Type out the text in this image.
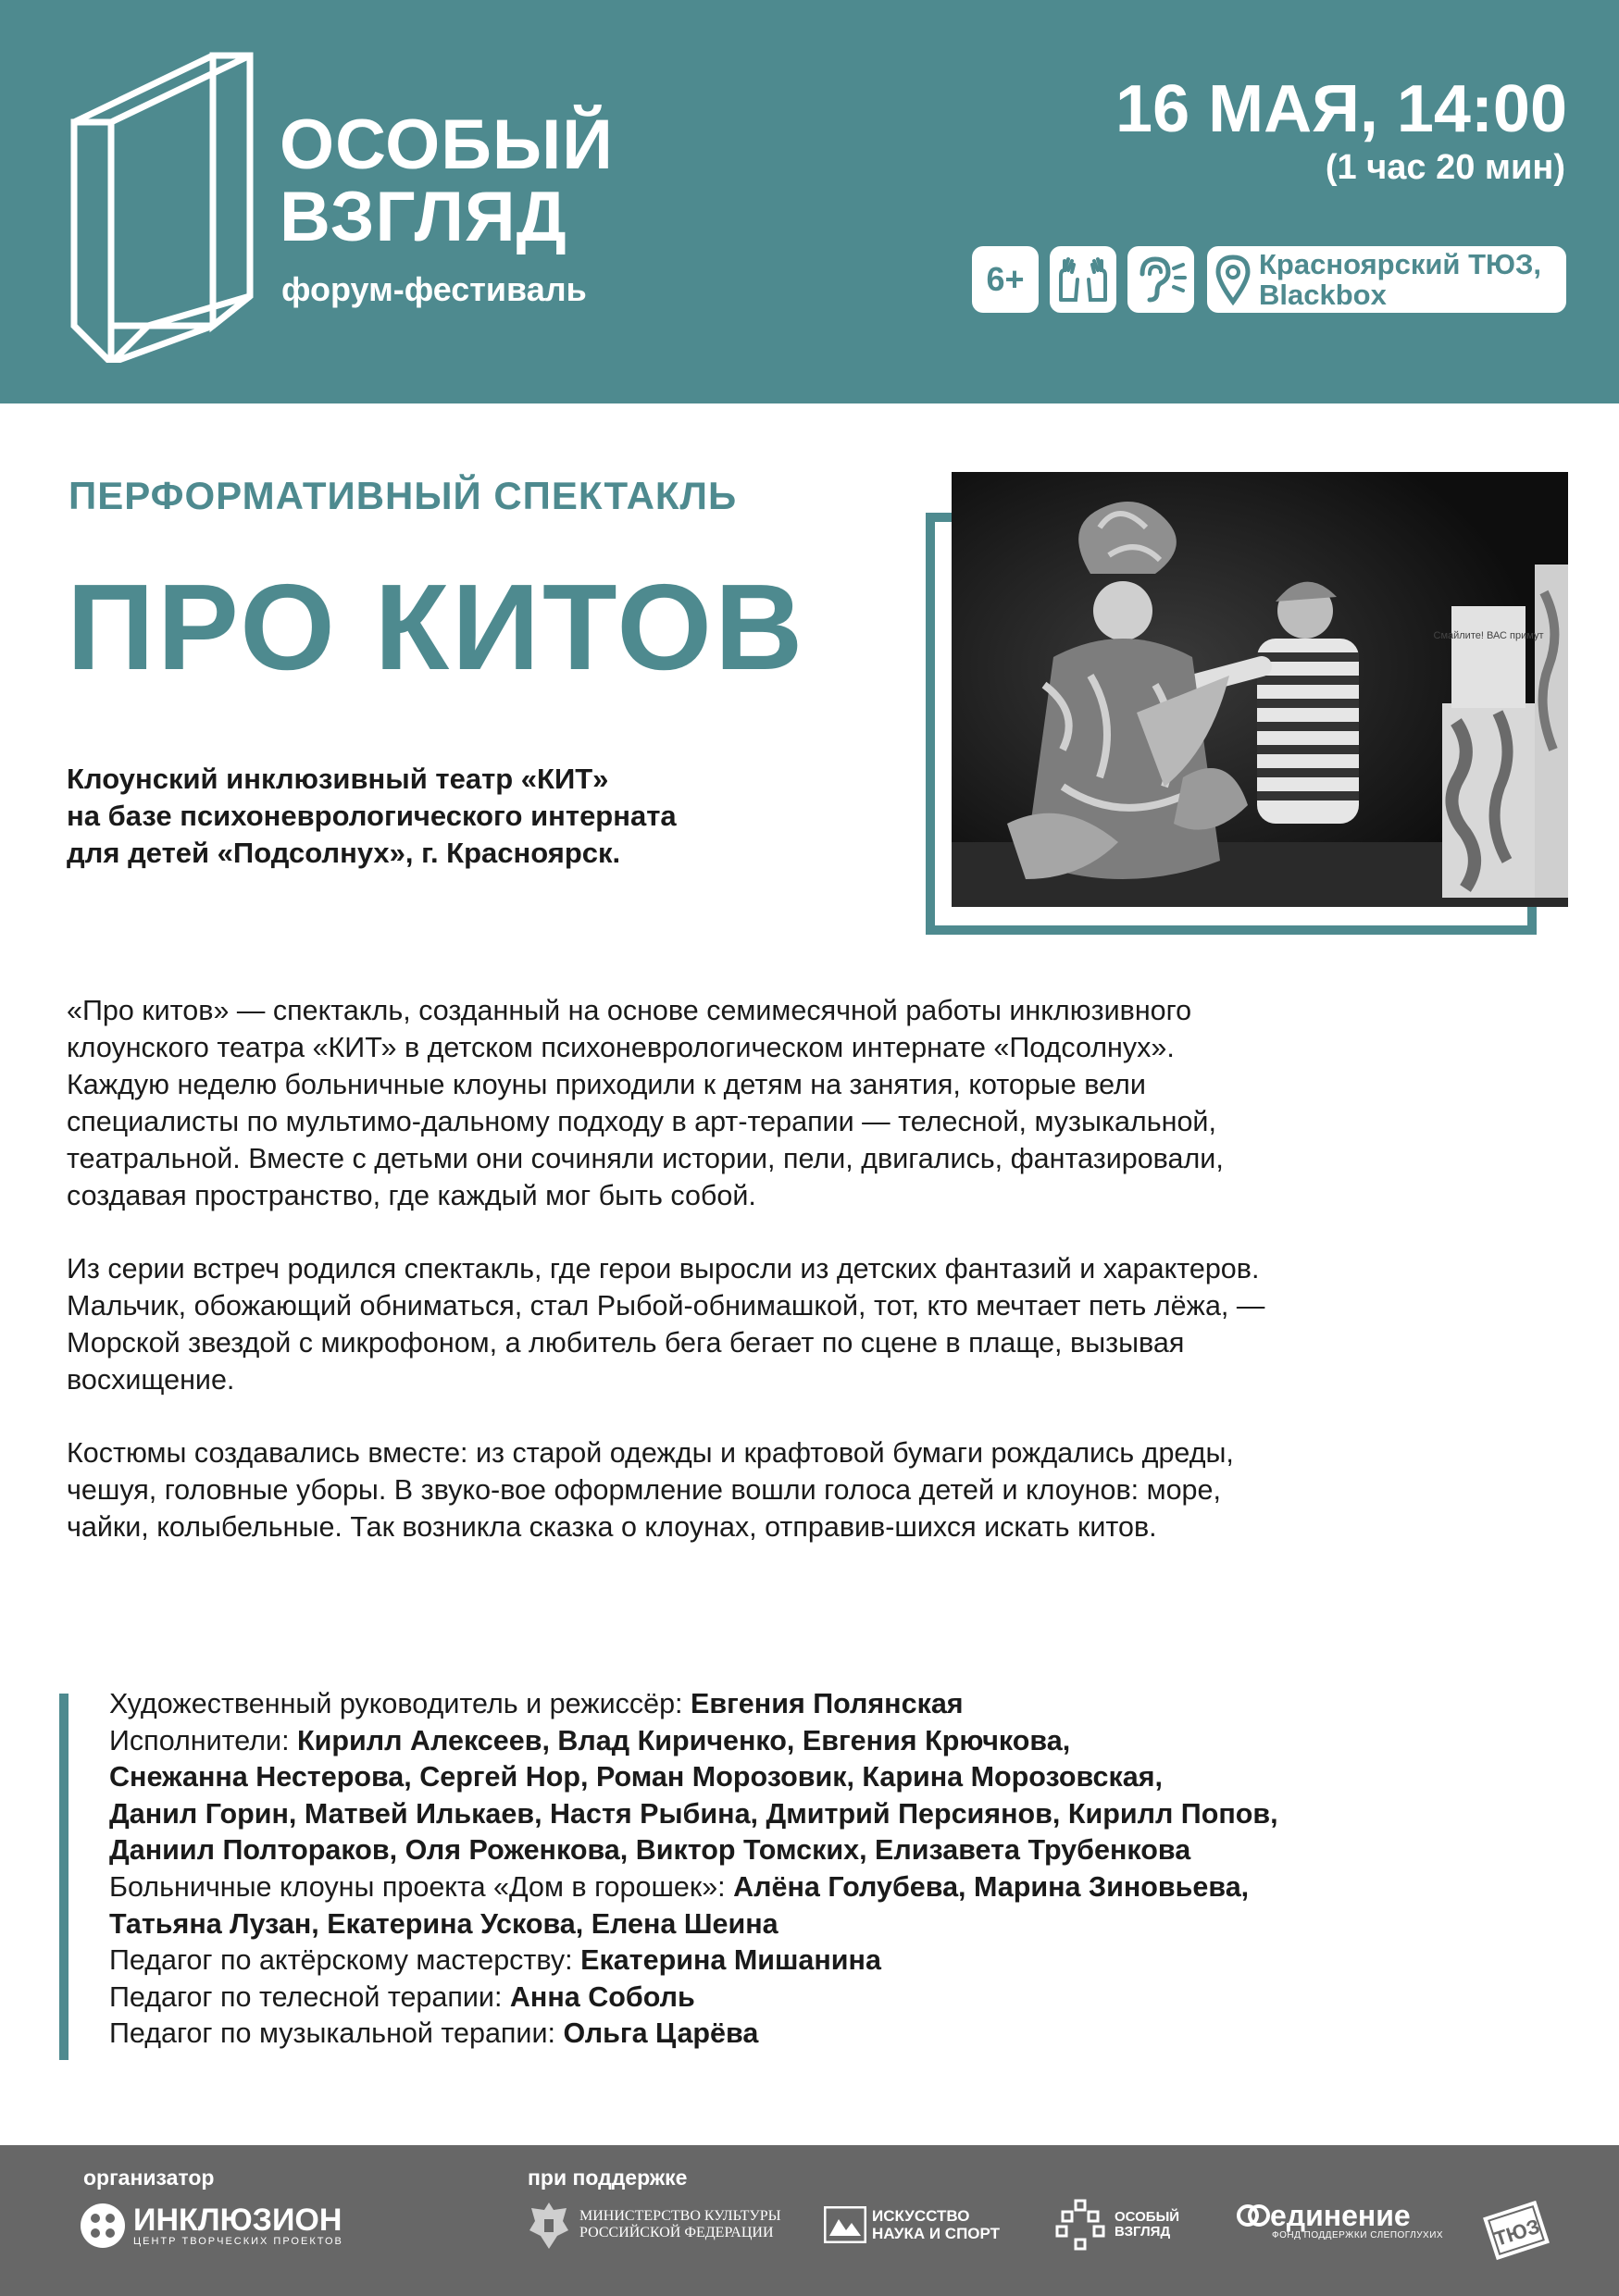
ОСОБЫЙ
ВЗГЛЯД
форум-фестиваль
16 МАЯ, 14:00
(1 час 20 мин)
6+	Красноярский ТЮЗ,
Blackbox
ПЕРФОРМАТИВНЫЙ СПЕКТАКЛЬ
ПРО КИТОВ
Клоунский инклюзивный театр «КИТ»
на базе психоневрологического интерната
для детей «Подсолнух», г. Красноярск.
Смайлите! ВАС примут

«Про китов» — спектакль, созданный на основе семимесячной работы инклюзивного
клоунского театра «КИТ» в детском психоневрологическом интернате «Подсолнух».
Каждую неделю больничные клоуны приходили к детям на занятия, которые вели
специалисты по мультимо-дальному подходу в арт-терапии — телесной, музыкальной,
театральной. Вместе с детьми они сочиняли истории, пели, двигались, фантазировали,
создавая пространство, где каждый мог быть собой.

Из серии встреч родился спектакль, где герои выросли из детских фантазий и характеров.
Мальчик, обожающий обниматься, стал Рыбой-обнимашкой, тот, кто мечтает петь лёжа, —
Морской звездой с микрофоном, а любитель бега бегает по сцене в плаще, вызывая
восхищение.

Костюмы создавались вместе: из старой одежды и крафтовой бумаги рождались дреды,
чешуя, головные уборы. В звуко-вое оформление вошли голоса детей и клоунов: море,
чайки, колыбельные. Так возникла сказка о клоунах, отправив-шихся искать китов.

Художественный руководитель и режиссёр: Евгения Полянская
Исполнители: Кирилл Алексеев, Влад Кириченко, Евгения Крючкова,
Снежанна Нестерова, Сергей Нор, Роман Морозовик, Карина Морозовская,
Данил Горин, Матвей Илькаев, Настя Рыбина, Дмитрий Персиянов, Кирилл Попов,
Даниил Полтораков, Оля Роженкова, Виктор Томских, Елизавета Трубенкова
Больничные клоуны проекта «Дом в горошек»: Алёна Голубева, Марина Зиновьева,
Татьяна Лузан, Екатерина Ускова, Елена Шеина
Педагог по актёрскому мастерству: Екатерина Мишанина
Педагог по телесной терапии: Анна Соболь
Педагог по музыкальной терапии: Ольга Царёва
организатор	при поддержке
ИНКЛЮЗИОН
ЦЕНТР ТВОРЧЕСКИХ ПРОЕКТОВ
МИНИСТЕРСТВО КУЛЬТУРЫ
РОССИЙСКОЙ ФЕДЕРАЦИИ
ИСКУССТВО
НАУКА И СПОРТ
ОСОБЫЙ
ВЗГЛЯД	единение
ФОНД ПОДДЕРЖКИ СЛЕПОГЛУХИХ ТЮЗ
